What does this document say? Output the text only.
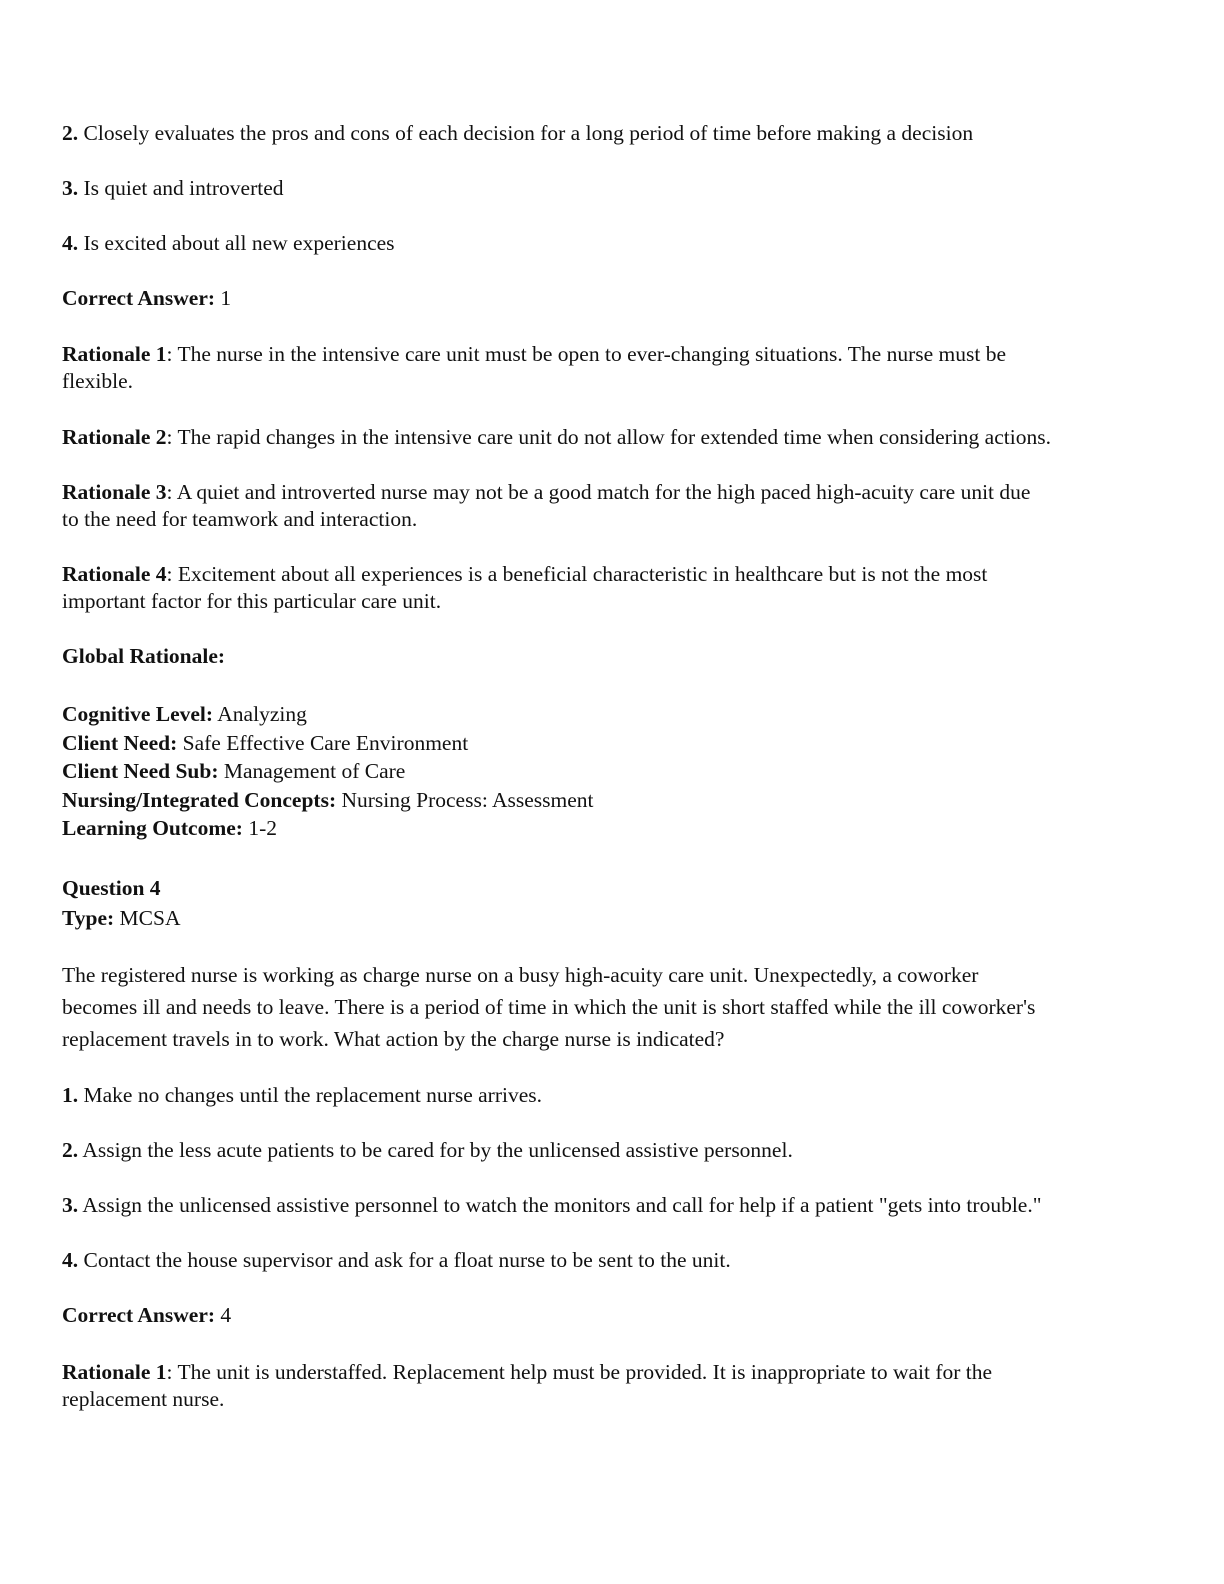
2. Closely evaluates the pros and cons of each decision for a long period of time before making a decision
3. Is quiet and introverted
4. Is excited about all new experiences
Correct Answer: 1
Rationale 1: The nurse in the intensive care unit must be open to ever-changing situations. The nurse must be
flexible.
Rationale 2: The rapid changes in the intensive care unit do not allow for extended time when considering actions.
Rationale 3: A quiet and introverted nurse may not be a good match for the high paced high-acuity care unit due
to the need for teamwork and interaction.
Rationale 4: Excitement about all experiences is a beneficial characteristic in healthcare but is not the most
important factor for this particular care unit.
Global Rationale:
Cognitive Level: Analyzing
Client Need: Safe Effective Care Environment
Client Need Sub: Management of Care
Nursing/Integrated Concepts: Nursing Process: Assessment
Learning Outcome: 1-2
Question 4
Type: MCSA
The registered nurse is working as charge nurse on a busy high-acuity care unit. Unexpectedly, a coworker
becomes ill and needs to leave. There is a period of time in which the unit is short staffed while the ill coworker's
replacement travels in to work. What action by the charge nurse is indicated?
1. Make no changes until the replacement nurse arrives.
2. Assign the less acute patients to be cared for by the unlicensed assistive personnel.
3. Assign the unlicensed assistive personnel to watch the monitors and call for help if a patient "gets into trouble."
4. Contact the house supervisor and ask for a float nurse to be sent to the unit.
Correct Answer: 4
Rationale 1: The unit is understaffed. Replacement help must be provided. It is inappropriate to wait for the
replacement nurse.
